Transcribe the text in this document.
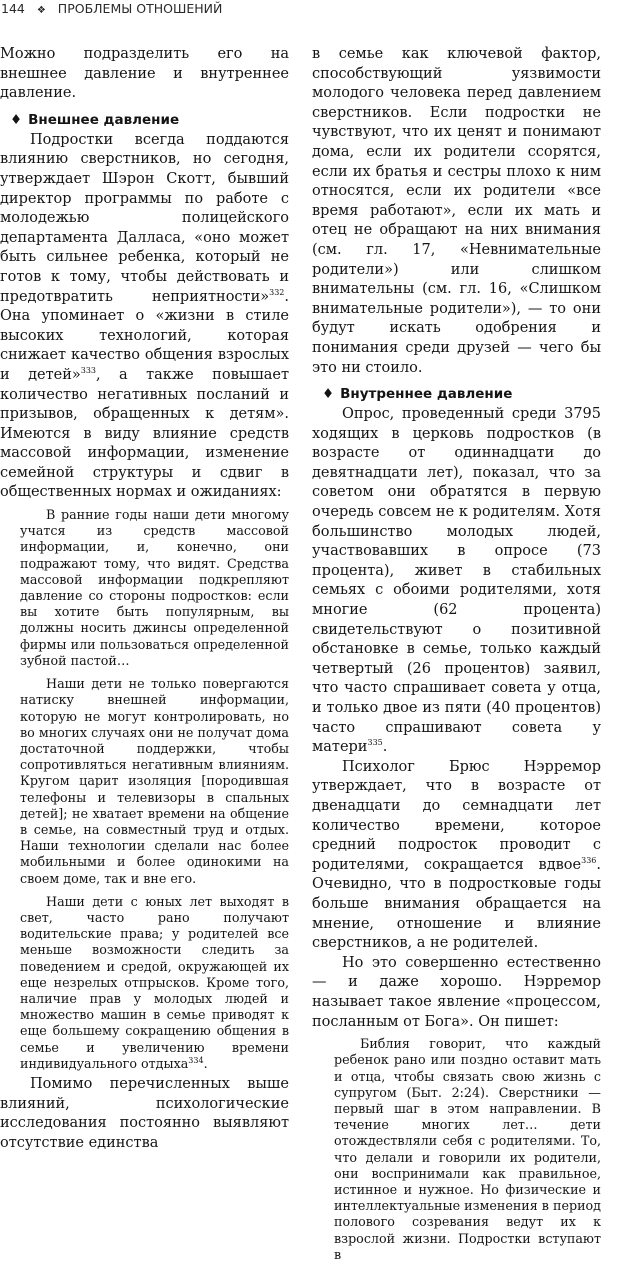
144 ❖ ПРОБЛЕМЫ ОТНОШЕНИЙ

Можно подразделить его на внешнее давление и внутреннее давление.

♦ Внешнее давление

Подростки всегда поддаются влиянию сверстников, но сегодня, утверждает Шэрон Скотт, бывший директор программы по работе с молодежью полицейского департамента Далласа, «оно может быть сильнее ребенка, который не готов к тому, чтобы действовать и предотвратить неприятности»$^{332}$. Она упоминает о «жизни в стиле высоких технологий, которая снижает качество общения взрослых и детей»$^{333}$, а также повышает количество негативных посланий и призывов, обращенных к детям». Имеются в виду влияние средств массовой информации, изменение семейной структуры и сдвиг в общественных нормах и ожиданиях:

В ранние годы наши дети многому учатся из средств массовой информации, и, конечно, они подражают тому, что видят. Средства массовой информации подкрепляют давление со стороны подростков: если вы хотите быть популярным, вы должны носить джинсы определенной фирмы или пользоваться определенной зубной пастой…

Наши дети не только повергаются натиску внешней информации, которую не могут контролировать, но во многих случаях они не получат дома достаточной поддержки, чтобы сопротивляться негативным влияниям. Кругом царит изоляция [породившая телефоны и телевизоры в спальных детей]; не хватает времени на общение в семье, на совместный труд и отдых. Наши технологии сделали нас более мобильными и более одинокими на своем доме, так и вне его.

Наши дети с юных лет выходят в свет, часто рано получают водительские права; у родителей все меньше возможности следить за поведением и средой, окружающей их еще незрелых отпрысков. Кроме того, наличие прав у молодых людей и множество машин в семье приводят к еще большему сокращению общения в семье и увеличению времени индивидуального отдыха$^{334}$.

Помимо перечисленных выше влияний, психологические исследования постоянно выявляют отсутствие единства

в семье как ключевой фактор, способствующий уязвимости молодого человека перед давлением сверстников. Если подростки не чувствуют, что их ценят и понимают дома, если их родители ссорятся, если их братья и сестры плохо к ним относятся, если их родители «все время работают», если их мать и отец не обращают на них внимания (см. гл. 17, «Невнимательные родители») или слишком внимательны (см. гл. 16, «Слишком внимательные родители»), — то они будут искать одобрения и понимания среди друзей — чего бы это ни стоило.

♦ Внутреннее давление

Опрос, проведенный среди 3795 ходящих в церковь подростков (в возрасте от одиннадцати до девятнадцати лет), показал, что за советом они обратятся в первую очередь совсем не к родителям. Хотя большинство молодых людей, участвовавших в опросе (73 процента), живет в стабильных семьях с обоими родителями, хотя многие (62 процента) свидетельствуют о позитивной обстановке в семье, только каждый четвертый (26 процентов) заявил, что часто спрашивает совета у отца, и только двое из пяти (40 процентов) часто спрашивают совета у матери$^{335}$.

Психолог Брюс Нэрремор утверждает, что в возрасте от двенадцати до семнадцати лет количество времени, которое средний подросток проводит с родителями, сокращается вдвое$^{336}$. Очевидно, что в подростковые годы больше внимания обращается на мнение, отношение и влияние сверстников, а не родителей.

Но это совершенно естественно — и даже хорошо. Нэрремор называет такое явление «процессом, посланным от Бога». Он пишет:

Библия говорит, что каждый ребенок рано или поздно оставит мать и отца, чтобы связать свою жизнь с супругом (Быт. 2:24). Сверстники — первый шаг в этом направлении. В течение многих лет… дети отождествляли себя с родителями. То, что делали и говорили их родители, они воспринимали как правильное, истинное и нужное. Но физические и интеллектуальные изменения в период полового созревания ведут их к взрослой жизни. Подростки вступают в
